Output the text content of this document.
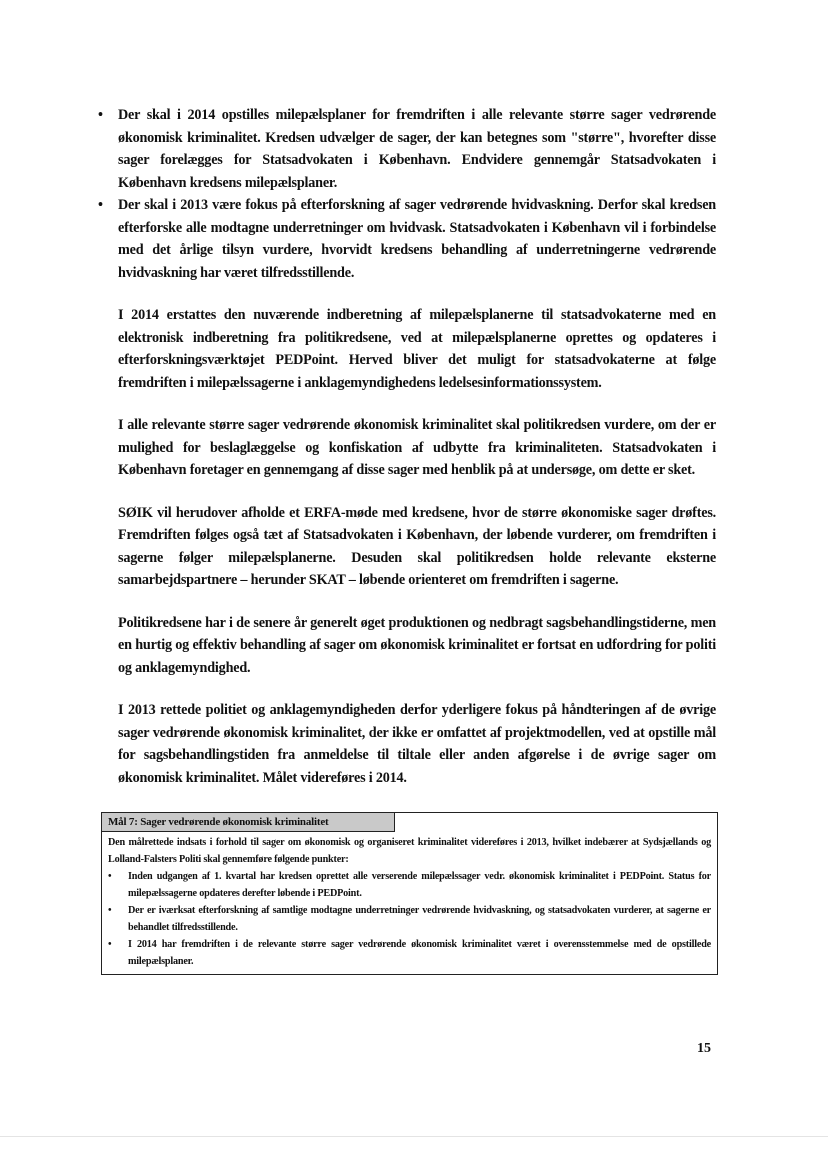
• Der skal i 2014 opstilles milepælsplaner for fremdriften i alle relevante større sager vedrørende økonomisk kriminalitet. Kredsen udvælger de sager, der kan betegnes som "større", hvorefter disse sager forelægges for Statsadvokaten i København. Endvidere gennemgår Statsadvokaten i København kredsens milepælsplaner.
• Der skal i 2013 være fokus på efterforskning af sager vedrørende hvidvaskning. Derfor skal kredsen efterforske alle modtagne underretninger om hvidvask. Statsadvokaten i København vil i forbindelse med det årlige tilsyn vurdere, hvorvidt kredsens behandling af underretningerne vedrørende hvidvaskning har været tilfredsstillende.

I 2014 erstattes den nuværende indberetning af milepælsplanerne til statsadvokaterne med en elektronisk indberetning fra politikredsene, ved at milepælsplanerne oprettes og opdateres i efterforskningsværktøjet PEDPoint. Herved bliver det muligt for statsadvokaterne at følge fremdriften i milepælssagerne i anklagemyndighedens ledelsesinformationssystem.

I alle relevante større sager vedrørende økonomisk kriminalitet skal politikredsen vurdere, om der er mulighed for beslaglæggelse og konfiskation af udbytte fra kriminaliteten. Statsadvokaten i København foretager en gennemgang af disse sager med henblik på at undersøge, om dette er sket.

SØIK vil herudover afholde et ERFA-møde med kredsene, hvor de større økonomiske sager drøftes. Fremdriften følges også tæt af Statsadvokaten i København, der løbende vurderer, om fremdriften i sagerne følger milepælsplanerne. Desuden skal politikredsen holde relevante eksterne samarbejdspartnere – herunder SKAT – løbende orienteret om fremdriften i sagerne.

Politikredsene har i de senere år generelt øget produktionen og nedbragt sagsbehandlingstiderne, men en hurtig og effektiv behandling af sager om økonomisk kriminalitet er fortsat en udfordring for politi og anklagemyndighed.

I 2013 rettede politiet og anklagemyndigheden derfor yderligere fokus på håndteringen af de øvrige sager vedrørende økonomisk kriminalitet, der ikke er omfattet af projektmodellen, ved at opstille mål for sagsbehandlingstiden fra anmeldelse til tiltale eller anden afgørelse i de øvrige sager om økonomisk kriminalitet. Målet videreføres i 2014.

Mål 7: Sager vedrørende økonomisk kriminalitet

Den målrettede indsats i forhold til sager om økonomisk og organiseret kriminalitet videreføres i 2013, hvilket indebærer at Sydsjællands og Lolland-Falsters Politi skal gennemføre følgende punkter:

• Inden udgangen af 1. kvartal har kredsen oprettet alle verserende milepælssager vedr. økonomisk kriminalitet i PEDPoint. Status for milepælssagerne opdateres derefter løbende i PEDPoint.
• Der er iværksat efterforskning af samtlige modtagne underretninger vedrørende hvidvaskning, og statsadvokaten vurderer, at sagerne er behandlet tilfredsstillende.
• I 2014 har fremdriften i de relevante større sager vedrørende økonomisk kriminalitet været i overensstemmelse med de opstillede milepælsplaner.
15
